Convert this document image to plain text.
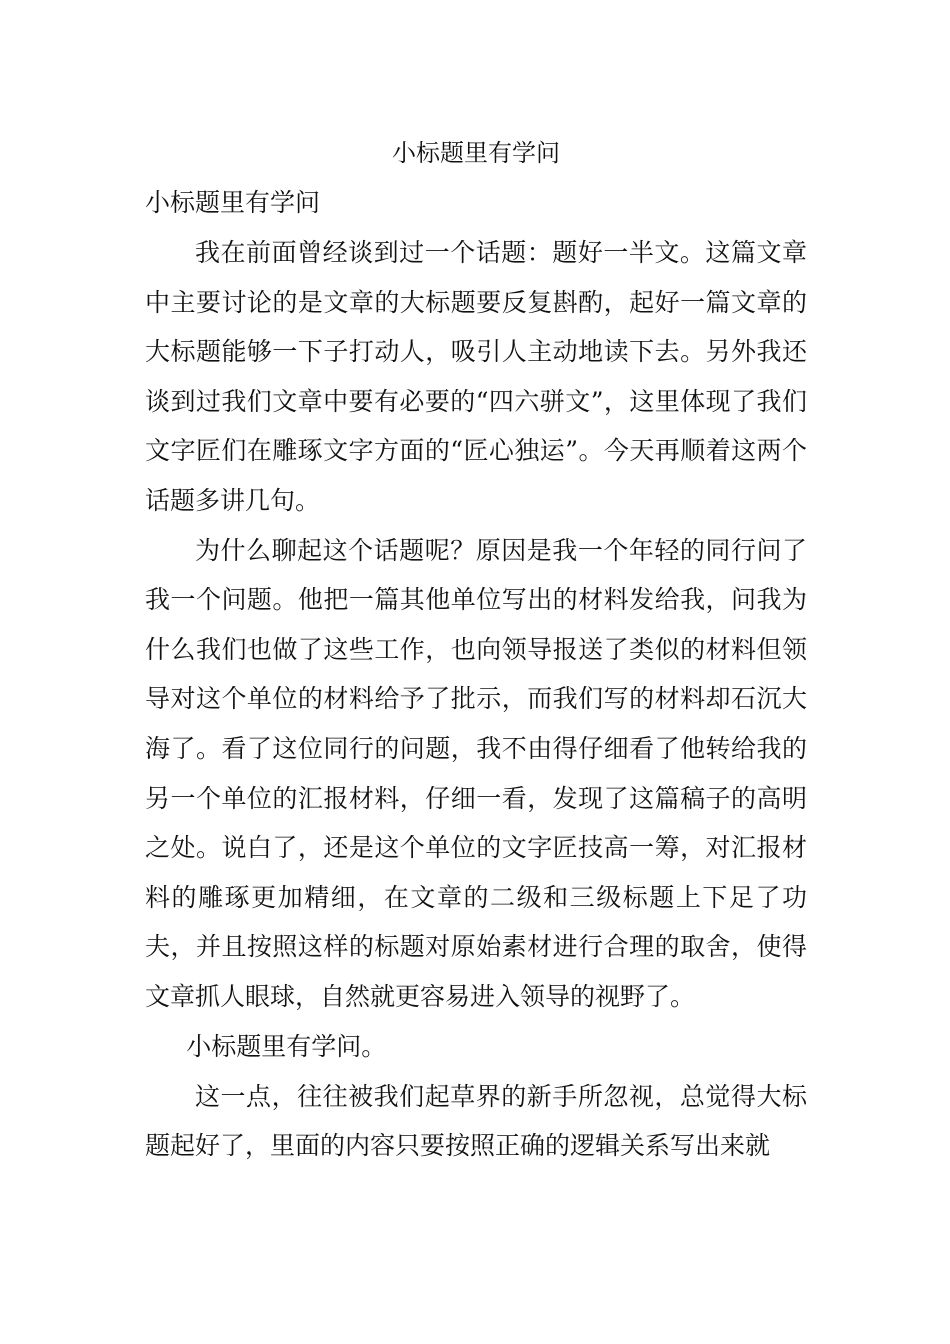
小标题里有学问
小标题里有学问

我在前面曾经谈到过一个话题：题好一半文。这篇文章中主要讨论的是文章的大标题要反复斟酌，起好一篇文章的大标题能够一下子打动人，吸引人主动地读下去。另外我还谈到过我们文章中要有必要的“四六骈文”，这里体现了我们文字匠们在雕琢文字方面的“匠心独运”。今天再顺着这两个话题多讲几句。

为什么聊起这个话题呢？原因是我一个年轻的同行问了我一个问题。他把一篇其他单位写出的材料发给我，问我为什么我们也做了这些工作，也向领导报送了类似的材料但领导对这个单位的材料给予了批示，而我们写的材料却石沉大海了。看了这位同行的问题，我不由得仔细看了他转给我的另一个单位的汇报材料，仔细一看，发现了这篇稿子的高明之处。说白了，还是这个单位的文字匠技高一筹，对汇报材料的雕琢更加精细，在文章的二级和三级标题上下足了功夫，并且按照这样的标题对原始素材进行合理的取舍，使得文章抓人眼球，自然就更容易进入领导的视野了。

小标题里有学问。

这一点，往往被我们起草界的新手所忽视，总觉得大标题起好了，里面的内容只要按照正确的逻辑关系写出来就
